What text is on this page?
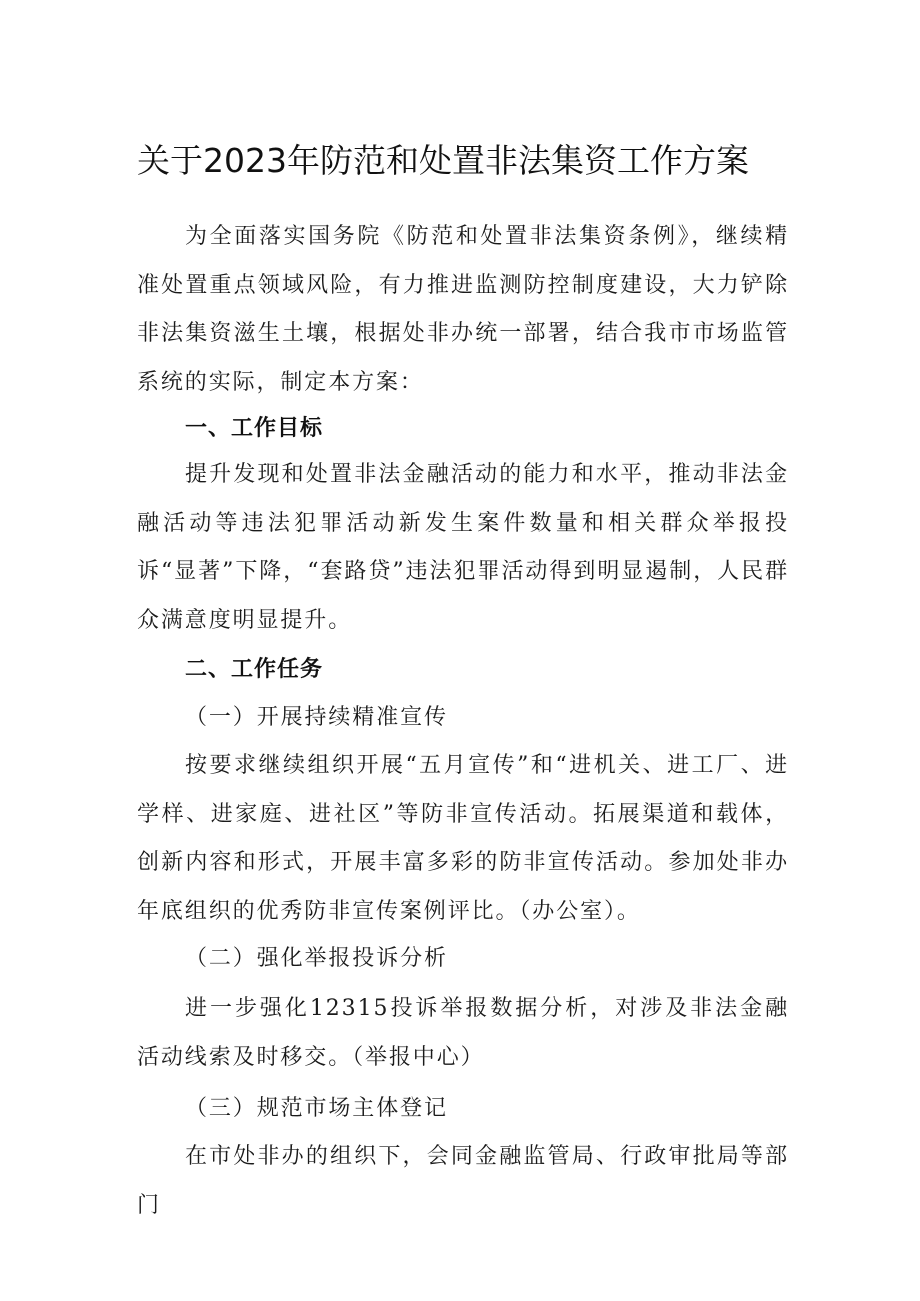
关于2023年防范和处置非法集资工作方案

为全面落实国务院《防范和处置非法集资条例》，继续精准处置重点领域风险，有力推进监测防控制度建设，大力铲除非法集资滋生土壤，根据处非办统一部署，结合我市市场监管系统的实际，制定本方案：

一、工作目标

提升发现和处置非法金融活动的能力和水平，推动非法金融活动等违法犯罪活动新发生案件数量和相关群众举报投诉“显著”下降，“套路贷”违法犯罪活动得到明显遏制，人民群众满意度明显提升。

二、工作任务
（一）开展持续精准宣传

按要求继续组织开展“五月宣传”和“进机关、进工厂、进学样、进家庭、进社区”等防非宣传活动。拓展渠道和载体，创新内容和形式，开展丰富多彩的防非宣传活动。参加处非办年底组织的优秀防非宣传案例评比。（办公室）。

（二）强化举报投诉分析

进一步强化12315投诉举报数据分析，对涉及非法金融活动线索及时移交。（举报中心）

（三）规范市场主体登记

在市处非办的组织下，会同金融监管局、行政审批局等部门
